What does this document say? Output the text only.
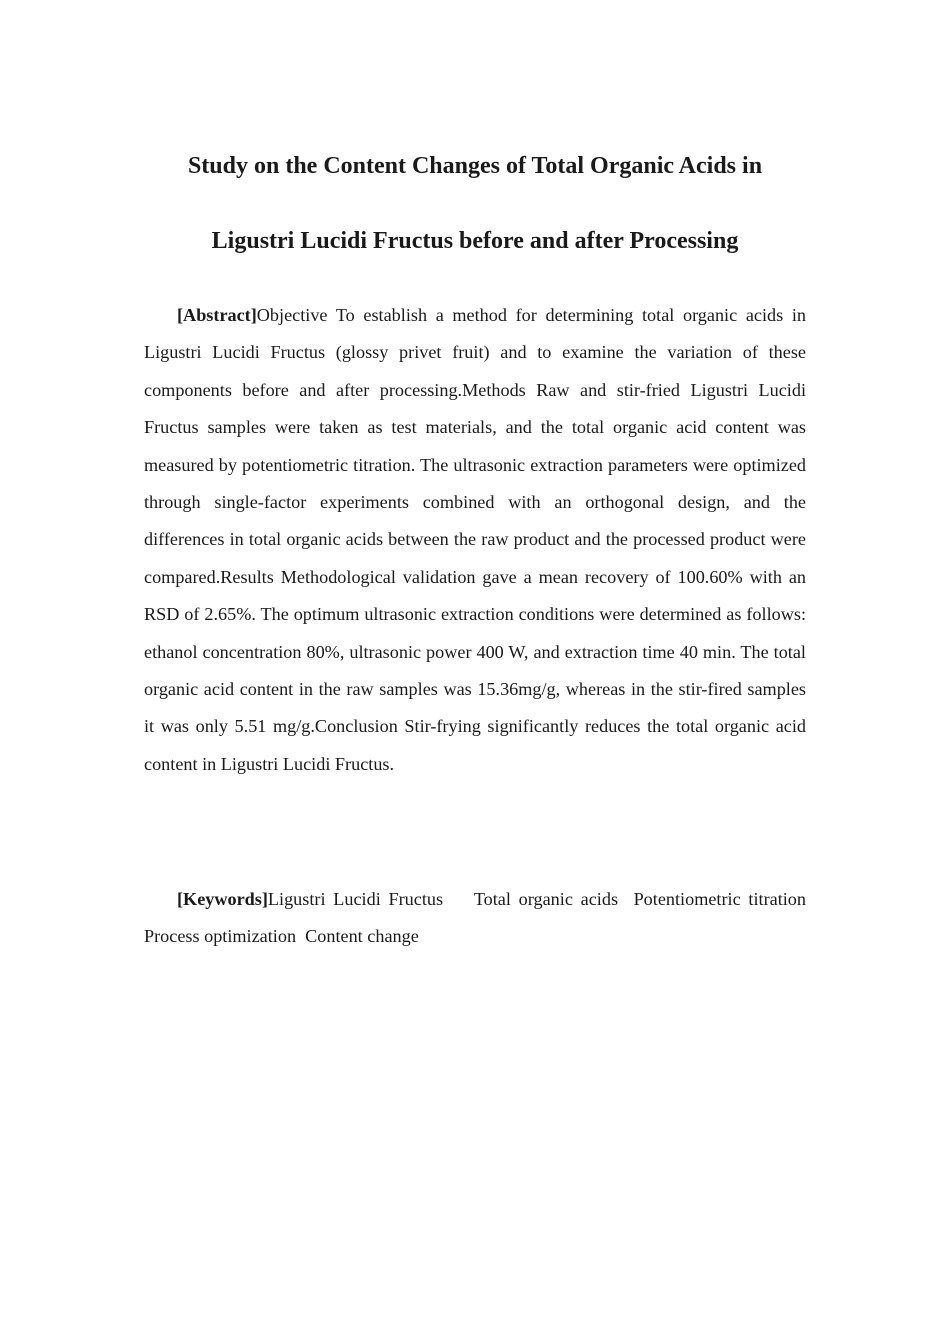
Study on the Content Changes of Total Organic Acids in
Ligustri Lucidi Fructus before and after Processing

[Abstract]Objective To establish a method for determining total organic acids in Ligustri Lucidi Fructus (glossy privet fruit) and to examine the variation of these components before and after processing.Methods Raw and stir-fried Ligustri Lucidi Fructus samples were taken as test materials, and the total organic acid content was measured by potentiometric titration. The ultrasonic extraction parameters were optimized through single-factor experiments combined with an orthogonal design, and the differences in total organic acids between the raw product and the processed product were compared.Results Methodological validation gave a mean recovery of 100.60% with an RSD of 2.65%. The optimum ultrasonic extraction conditions were determined as follows: ethanol concentration 80%, ultrasonic power 400 W, and extraction time 40 min. The total organic acid content in the raw samples was 15.36mg/g, whereas in the stir-fired samples it was only 5.51 mg/g.Conclusion Stir-frying significantly reduces the total organic acid content in Ligustri Lucidi Fructus.

[Keywords]Ligustri Lucidi Fructus Total organic acids Potentiometric titration Process optimization Content change
